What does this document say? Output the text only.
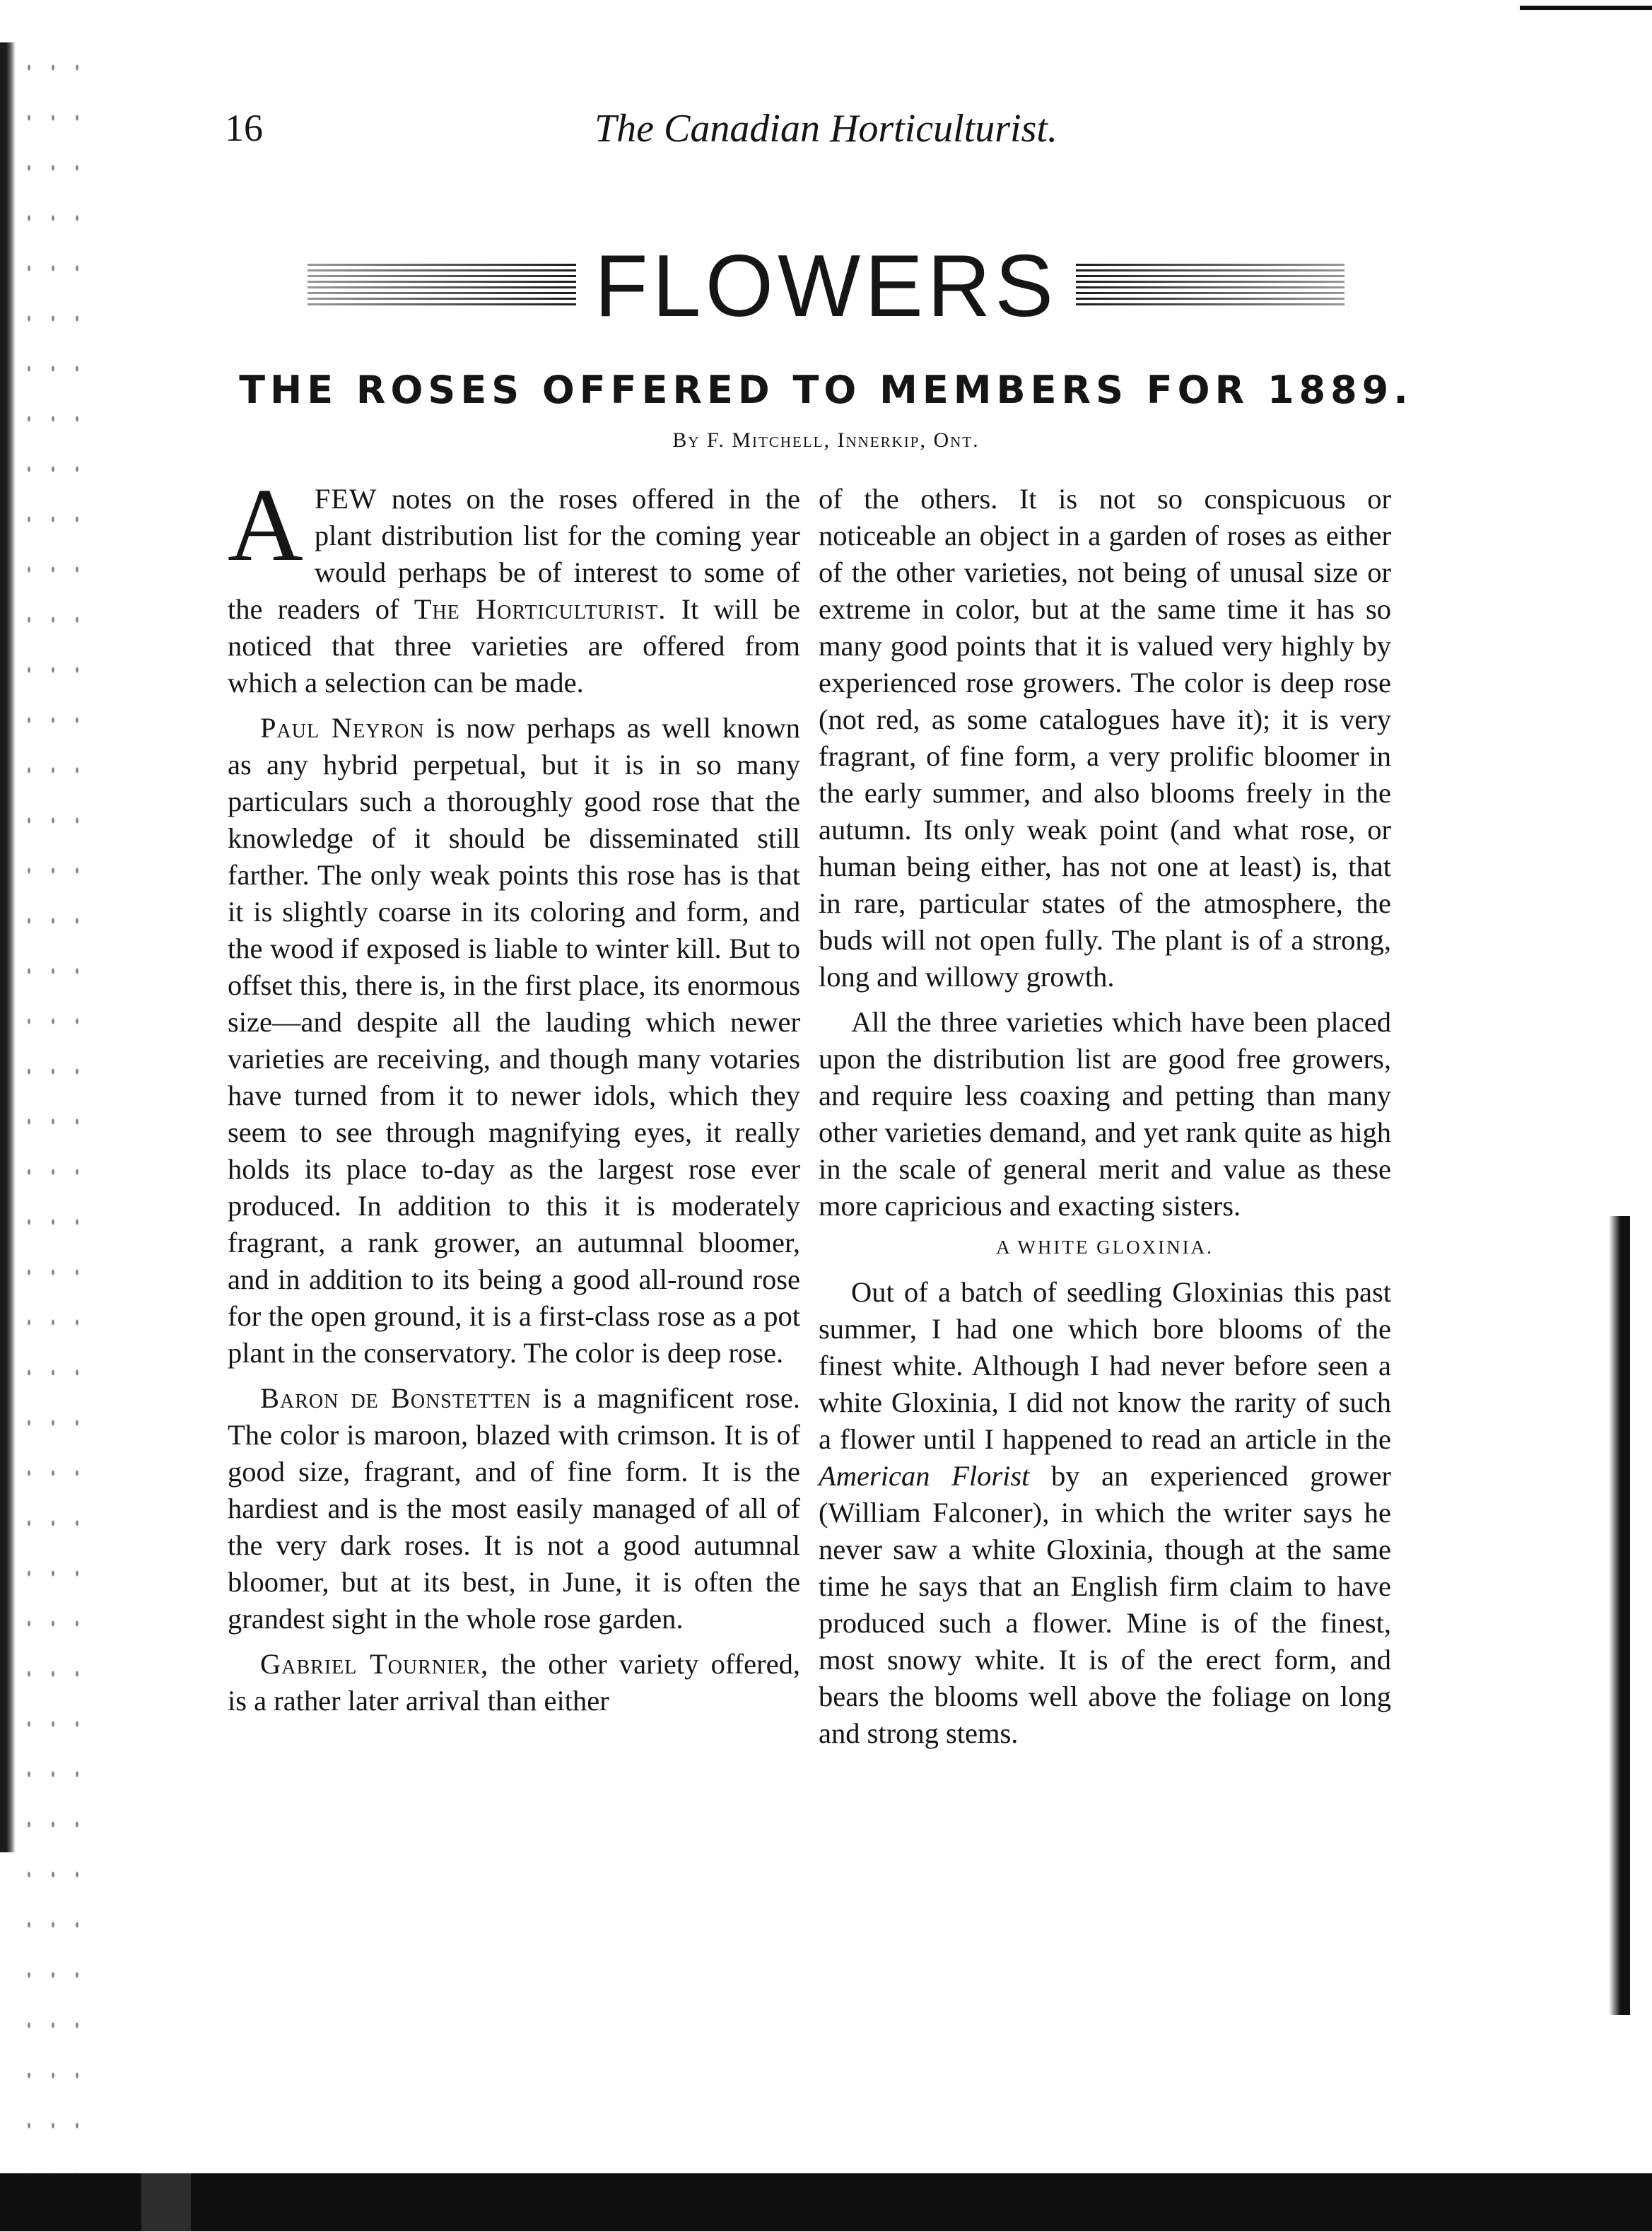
16	The Canadian Horticulturist.
FLOWERS
THE ROSES OFFERED TO MEMBERS FOR 1889.
By F. Mitchell, Innerkip, Ont.

AFEW notes on the roses offered in the plant distribution list for the coming year would perhaps be of interest to some of the readers of The Horticulturist. It will be noticed that three varieties are offered from which a selection can be made.

Paul Neyron is now perhaps as well known as any hybrid perpetual, but it is in so many particulars such a thoroughly good rose that the knowledge of it should be disseminated still farther. The only weak points this rose has is that it is slightly coarse in its coloring and form, and the wood if exposed is liable to winter kill. But to offset this, there is, in the first place, its enormous size—and despite all the lauding which newer varieties are receiving, and though many votaries have turned from it to newer idols, which they seem to see through magnifying eyes, it really holds its place to-day as the largest rose ever produced. In addition to this it is moderately fragrant, a rank grower, an autumnal bloomer, and in addition to its being a good all-round rose for the open ground, it is a first-class rose as a pot plant in the conservatory. The color is deep rose.

Baron de Bonstetten is a magnificent rose. The color is maroon, blazed with crimson. It is of good size, fragrant, and of fine form. It is the hardiest and is the most easily managed of all of the very dark roses. It is not a good autumnal bloomer, but at its best, in June, it is often the grandest sight in the whole rose garden.

Gabriel Tournier, the other variety offered, is a rather later arrival than either

of the others. It is not so conspicuous or noticeable an object in a garden of roses as either of the other varieties, not being of unusal size or extreme in color, but at the same time it has so many good points that it is valued very highly by experienced rose growers. The color is deep rose (not red, as some catalogues have it); it is very fragrant, of fine form, a very prolific bloomer in the early summer, and also blooms freely in the autumn. Its only weak point (and what rose, or human being either, has not one at least) is, that in rare, particular states of the atmosphere, the buds will not open fully. The plant is of a strong, long and willowy growth.

All the three varieties which have been placed upon the distribution list are good free growers, and require less coaxing and petting than many other varieties demand, and yet rank quite as high in the scale of general merit and value as these more capricious and exacting sisters.

A WHITE GLOXINIA.

Out of a batch of seedling Gloxinias this past summer, I had one which bore blooms of the finest white. Although I had never before seen a white Gloxinia, I did not know the rarity of such a flower until I happened to read an article in the American Florist by an experienced grower (William Falconer), in which the writer says he never saw a white Gloxinia, though at the same time he says that an English firm claim to have produced such a flower. Mine is of the finest, most snowy white. It is of the erect form, and bears the blooms well above the foliage on long and strong stems.
